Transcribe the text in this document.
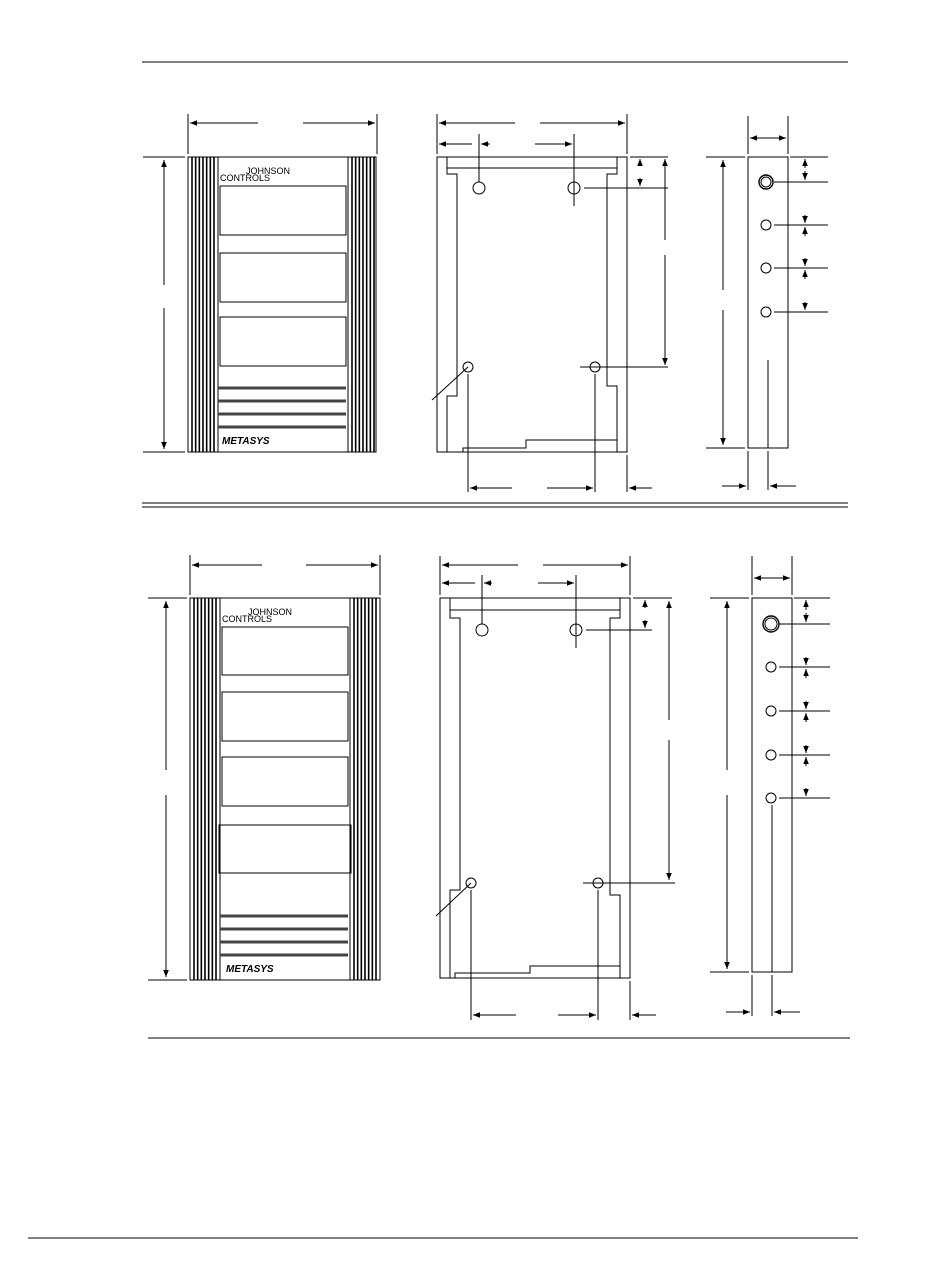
JOHNSON
CONTROLS
METASYS
JOHNSON
CONTROLS
METASYS
